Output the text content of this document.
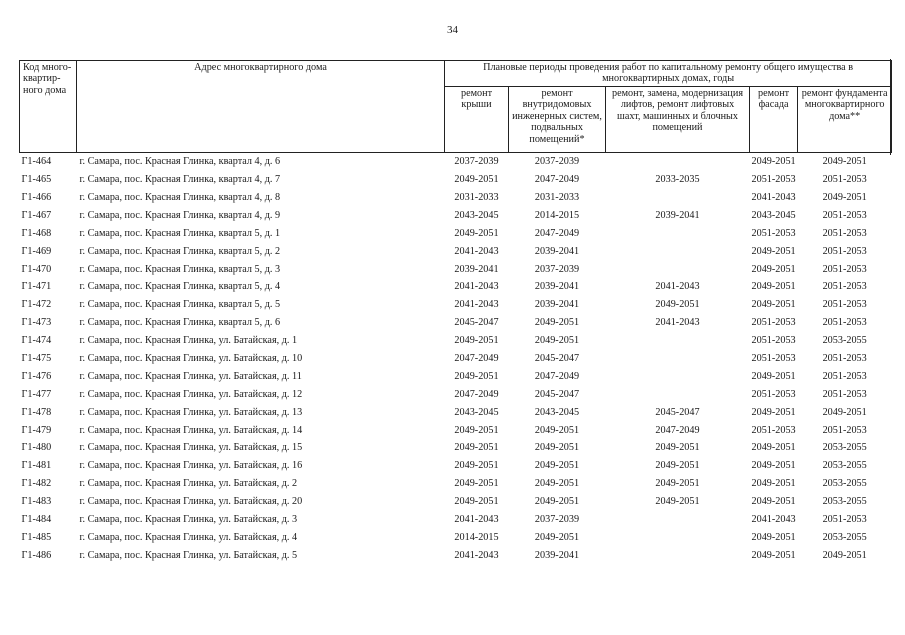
34
Код много-квартир-ного дома	Адрес многоквартирного дома	Плановые периоды проведения работ по капитальному ремонту общего имущества в многоквартирных домах, годы				
		ремонт крыши	ремонт внутридомовых инженерных систем, подвальных помещений*	ремонт, замена, модернизация лифтов, ремонт лифтовых шахт, машинных и блочных помещений	ремонт фасада	ремонт фундамента многоквартирного дома**
Г1-464	г. Самара, пос. Красная Глинка, квартал 4, д. 6	2037-2039	2037-2039		2049-2051	2049-2051
Г1-465	г. Самара, пос. Красная Глинка, квартал 4, д. 7	2049-2051	2047-2049	2033-2035	2051-2053	2051-2053
Г1-466	г. Самара, пос. Красная Глинка, квартал 4, д. 8	2031-2033	2031-2033		2041-2043	2049-2051
Г1-467	г. Самара, пос. Красная Глинка, квартал 4, д. 9	2043-2045	2014-2015	2039-2041	2043-2045	2051-2053
Г1-468	г. Самара, пос. Красная Глинка, квартал 5, д. 1	2049-2051	2047-2049		2051-2053	2051-2053
Г1-469	г. Самара, пос. Красная Глинка, квартал 5, д. 2	2041-2043	2039-2041		2049-2051	2051-2053
Г1-470	г. Самара, пос. Красная Глинка, квартал 5, д. 3	2039-2041	2037-2039		2049-2051	2051-2053
Г1-471	г. Самара, пос. Красная Глинка, квартал 5, д. 4	2041-2043	2039-2041	2041-2043	2049-2051	2051-2053
Г1-472	г. Самара, пос. Красная Глинка, квартал 5, д. 5	2041-2043	2039-2041	2049-2051	2049-2051	2051-2053
Г1-473	г. Самара, пос. Красная Глинка, квартал 5, д. 6	2045-2047	2049-2051	2041-2043	2051-2053	2051-2053
Г1-474	г. Самара, пос. Красная Глинка, ул. Батайская, д. 1	2049-2051	2049-2051		2051-2053	2053-2055
Г1-475	г. Самара, пос. Красная Глинка, ул. Батайская, д. 10	2047-2049	2045-2047		2051-2053	2051-2053
Г1-476	г. Самара, пос. Красная Глинка, ул. Батайская, д. 11	2049-2051	2047-2049		2049-2051	2051-2053
Г1-477	г. Самара, пос. Красная Глинка, ул. Батайская, д. 12	2047-2049	2045-2047		2051-2053	2051-2053
Г1-478	г. Самара, пос. Красная Глинка, ул. Батайская, д. 13	2043-2045	2043-2045	2045-2047	2049-2051	2049-2051
Г1-479	г. Самара, пос. Красная Глинка, ул. Батайская, д. 14	2049-2051	2049-2051	2047-2049	2051-2053	2051-2053
Г1-480	г. Самара, пос. Красная Глинка, ул. Батайская, д. 15	2049-2051	2049-2051	2049-2051	2049-2051	2053-2055
Г1-481	г. Самара, пос. Красная Глинка, ул. Батайская, д. 16	2049-2051	2049-2051	2049-2051	2049-2051	2053-2055
Г1-482	г. Самара, пос. Красная Глинка, ул. Батайская, д. 2	2049-2051	2049-2051	2049-2051	2049-2051	2053-2055
Г1-483	г. Самара, пос. Красная Глинка, ул. Батайская, д. 20	2049-2051	2049-2051	2049-2051	2049-2051	2053-2055
Г1-484	г. Самара, пос. Красная Глинка, ул. Батайская, д. 3	2041-2043	2037-2039		2041-2043	2051-2053
Г1-485	г. Самара, пос. Красная Глинка, ул. Батайская, д. 4	2014-2015	2049-2051		2049-2051	2053-2055
Г1-486	г. Самара, пос. Красная Глинка, ул. Батайская, д. 5	2041-2043	2039-2041		2049-2051	2049-2051
